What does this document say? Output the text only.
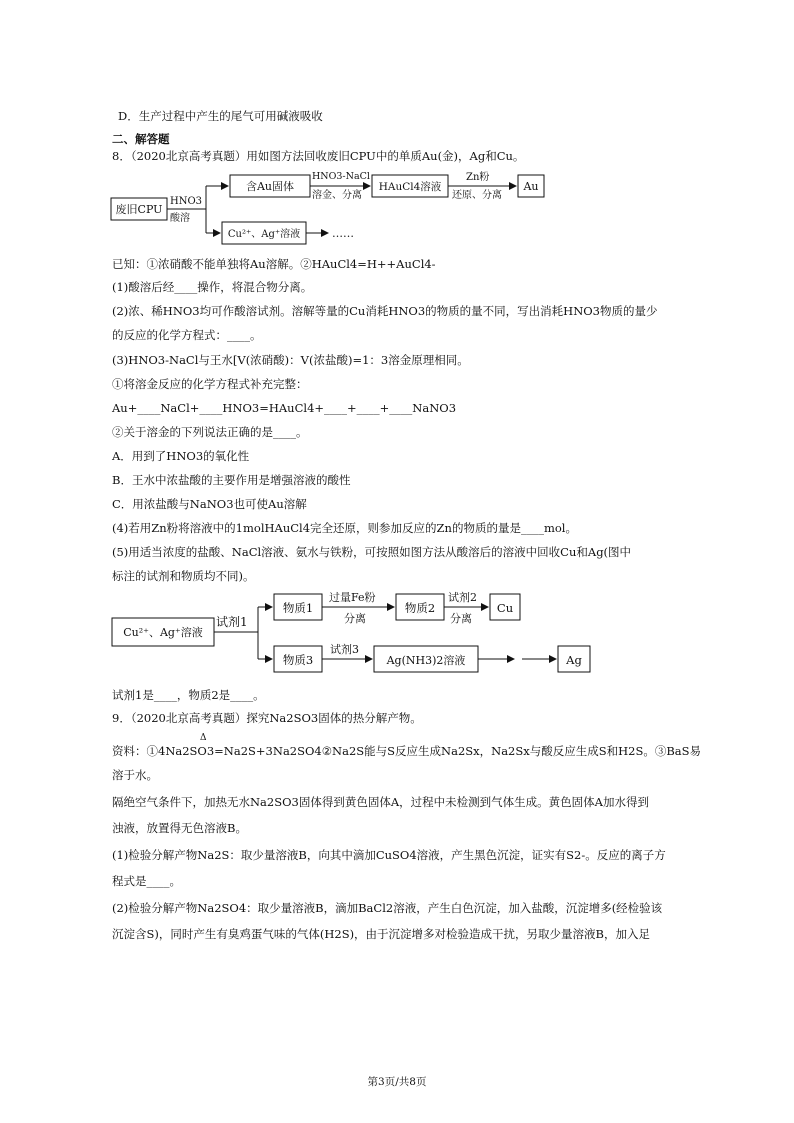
D．生产过程中产生的尾气可用碱液吸收
二、解答题
8．（2020北京高考真题）用如图方法回收废旧CPU中的单质Au(金)，Ag和Cu。
废旧CPU
HNO3
酸溶
含Au固体
HNO3-NaCl
溶金、分离
HAuCl4溶液
Zn粉
还原、分离
Au
Cu²⁺、Ag⁺溶液	……
已知：①浓硝酸不能单独将Au溶解。②HAuCl4=H++AuCl4-
(1)酸溶后经____操作，将混合物分离。
(2)浓、稀HNO3均可作酸溶试剂。溶解等量的Cu消耗HNO3的物质的量不同，写出消耗HNO3物质的量少
的反应的化学方程式：____。
(3)HNO3-NaCl与王水[V(浓硝酸)：V(浓盐酸)=1：3溶金原理相同。
①将溶金反应的化学方程式补充完整：
Au+____NaCl+____HNO3=HAuCl4+____+____+____NaNO3
②关于溶金的下列说法正确的是____。
A．用到了HNO3的氧化性
B．王水中浓盐酸的主要作用是增强溶液的酸性
C．用浓盐酸与NaNO3也可使Au溶解
(4)若用Zn粉将溶液中的1molHAuCl4完全还原，则参加反应的Zn的物质的量是____mol。
(5)用适当浓度的盐酸、NaCl溶液、氨水与铁粉，可按照如图方法从酸溶后的溶液中回收Cu和Ag(图中
标注的试剂和物质均不同)。
Cu²⁺、Ag⁺溶液
试剂1
物质1
过量Fe粉
分离
物质2
试剂2
分离
Cu
物质3
试剂3
Ag(NH3)2溶液	Ag
试剂1是____，物质2是____。
9．（2020北京高考真题）探究Na2SO3固体的热分解产物。
Δ
资料：①4Na2SO3=Na2S+3Na2SO4②Na2S能与S反应生成Na2Sx，Na2Sx与酸反应生成S和H2S。③BaS易
溶于水。
隔绝空气条件下，加热无水Na2SO3固体得到黄色固体A，过程中未检测到气体生成。黄色固体A加水得到
浊液，放置得无色溶液B。
(1)检验分解产物Na2S：取少量溶液B，向其中滴加CuSO4溶液，产生黑色沉淀，证实有S2-。反应的离子方
程式是____。
(2)检验分解产物Na2SO4：取少量溶液B，滴加BaCl2溶液，产生白色沉淀，加入盐酸，沉淀增多(经检验该
沉淀含S)，同时产生有臭鸡蛋气味的气体(H2S)，由于沉淀增多对检验造成干扰，另取少量溶液B，加入足
第3页/共8页
